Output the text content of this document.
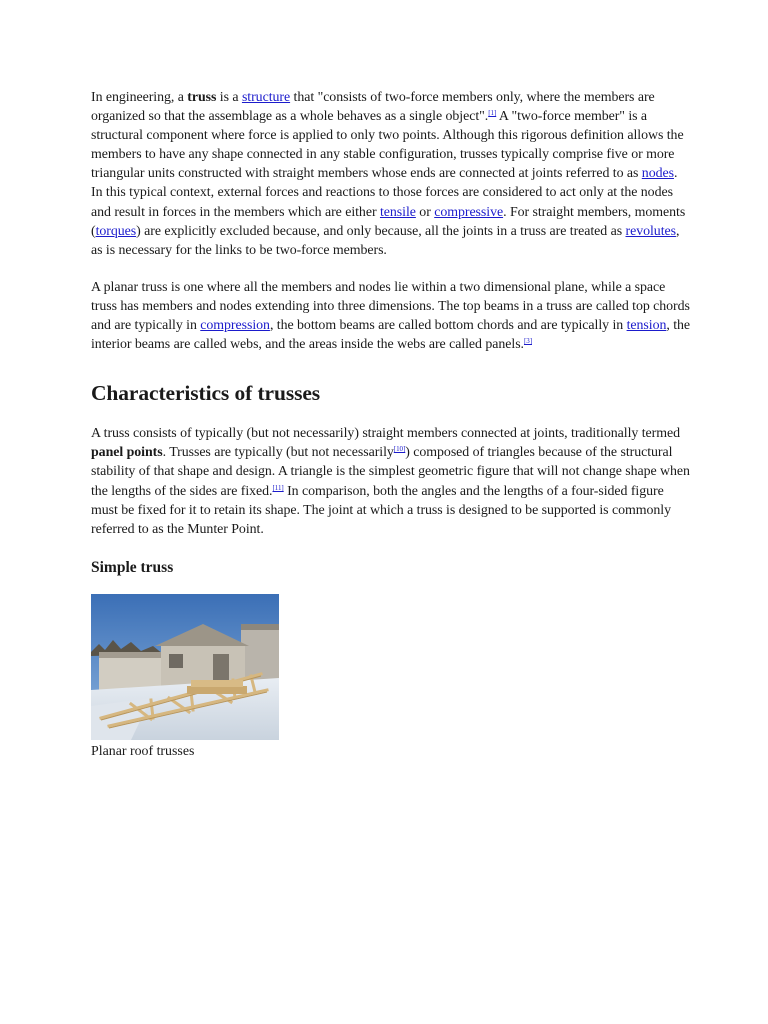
In engineering, a truss is a structure that "consists of two-force members only, where the members are organized so that the assemblage as a whole behaves as a single object".[1] A "two-force member" is a structural component where force is applied to only two points. Although this rigorous definition allows the members to have any shape connected in any stable configuration, trusses typically comprise five or more triangular units constructed with straight members whose ends are connected at joints referred to as nodes. In this typical context, external forces and reactions to those forces are considered to act only at the nodes and result in forces in the members which are either tensile or compressive. For straight members, moments (torques) are explicitly excluded because, and only because, all the joints in a truss are treated as revolutes, as is necessary for the links to be two-force members.

A planar truss is one where all the members and nodes lie within a two dimensional plane, while a space truss has members and nodes extending into three dimensions. The top beams in a truss are called top chords and are typically in compression, the bottom beams are called bottom chords and are typically in tension, the interior beams are called webs, and the areas inside the webs are called panels.[3]

Characteristics of trusses

A truss consists of typically (but not necessarily) straight members connected at joints, traditionally termed panel points. Trusses are typically (but not necessarily[10]) composed of triangles because of the structural stability of that shape and design. A triangle is the simplest geometric figure that will not change shape when the lengths of the sides are fixed.[11] In comparison, both the angles and the lengths of a four-sided figure must be fixed for it to retain its shape. The joint at which a truss is designed to be supported is commonly referred to as the Munter Point.

Simple truss
Planar roof trusses
